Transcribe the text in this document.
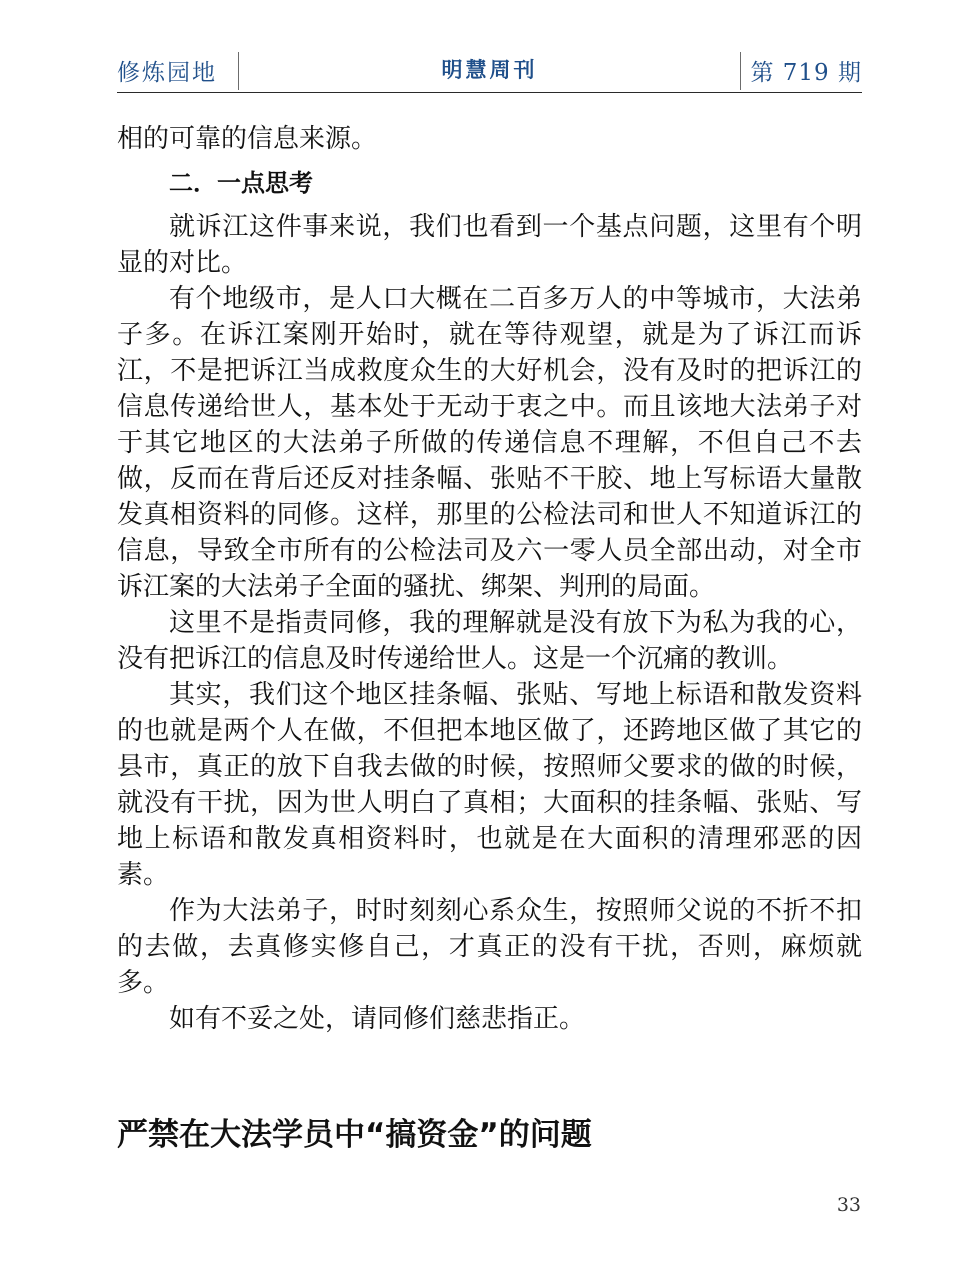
修炼园地	明慧周刊	第 719 期

相的可靠的信息来源。

二．一点思考

就诉江这件事来说，我们也看到一个基点问题，这里有个明显的对比。

有个地级市，是人口大概在二百多万人的中等城市，大法弟子多。在诉江案刚开始时，就在等待观望，就是为了诉江而诉江，不是把诉江当成救度众生的大好机会，没有及时的把诉江的信息传递给世人，基本处于无动于衷之中。而且该地大法弟子对于其它地区的大法弟子所做的传递信息不理解，不但自己不去做，反而在背后还反对挂条幅、张贴不干胶、地上写标语大量散发真相资料的同修。这样，那里的公检法司和世人不知道诉江的信息，导致全市所有的公检法司及六一零人员全部出动，对全市诉江案的大法弟子全面的骚扰、绑架、判刑的局面。

这里不是指责同修，我的理解就是没有放下为私为我的心，没有把诉江的信息及时传递给世人。这是一个沉痛的教训。

其实，我们这个地区挂条幅、张贴、写地上标语和散发资料的也就是两个人在做，不但把本地区做了，还跨地区做了其它的县市，真正的放下自我去做的时候，按照师父要求的做的时候，就没有干扰，因为世人明白了真相；大面积的挂条幅、张贴、写地上标语和散发真相资料时，也就是在大面积的清理邪恶的因素。

作为大法弟子，时时刻刻心系众生，按照师父说的不折不扣的去做，去真修实修自己，才真正的没有干扰，否则，麻烦就多。

如有不妥之处，请同修们慈悲指正。

严禁在大法学员中“搞资金”的问题
33
